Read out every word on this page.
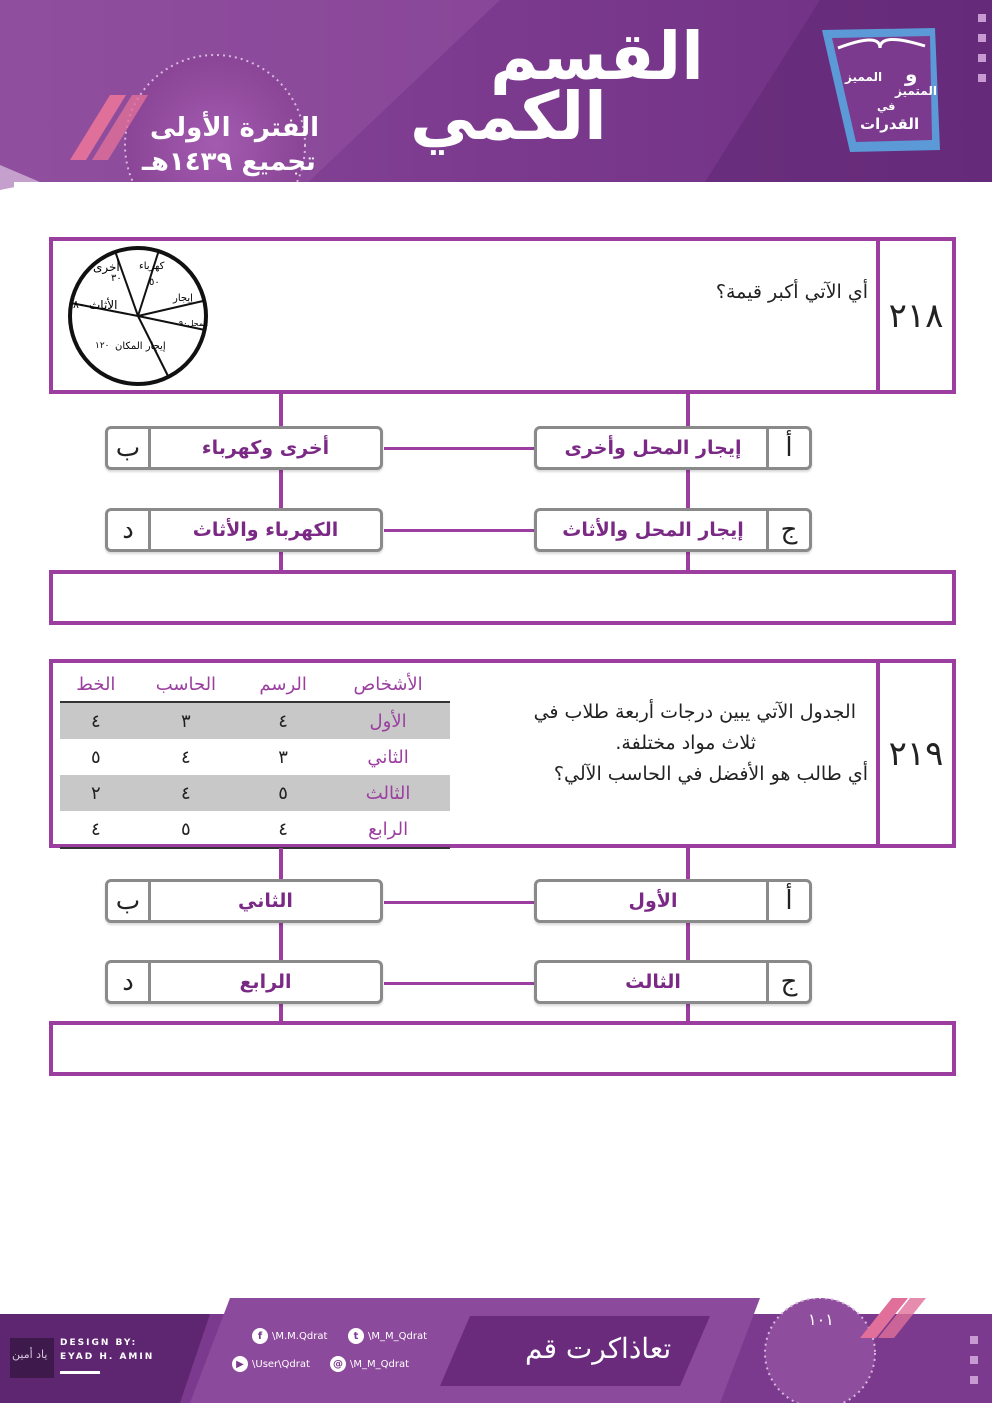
القسم
الكمي
الفترة الأولى
تجميع ١٤٣٩هـ
و
المميز
المتميز
في
القدرات
٢١٨
أي الآتي أكبر قيمة؟
كهرباء
٥٠
أخرى
٣٠
الأثاث
٨٠
إيجار المكان
١٢٠
إيجار
المحل٩٠
أ
إيجار المحل وأخرى
ب	أخرى وكهرباء
ج
إيجار المحل والأثاث
د	الكهرباء والأثاث
٢١٩
الجدول الآتي يبين درجات أربعة طلاب في
ثلاث مواد مختلفة.
أي طالب هو الأفضل في الحاسب الآلي؟
الأشخاص	الرسم	الحاسب	الخط
الأول	٤	٣	٤
الثاني	٣	٤	٥
الثالث	٥	٤	٢
الرابع	٤	٥	٤
أ
الأول
ب	الثاني
ج
الثالث
د	الرابع
ياد أمين
DESIGN BY:
EYAD H. AMIN
f \M.M.Qdrat	t \M_M_Qdrat
▶ \User\Qdrat	@ \M_M_Qdrat	تعاذاكرت قم
١٠١
